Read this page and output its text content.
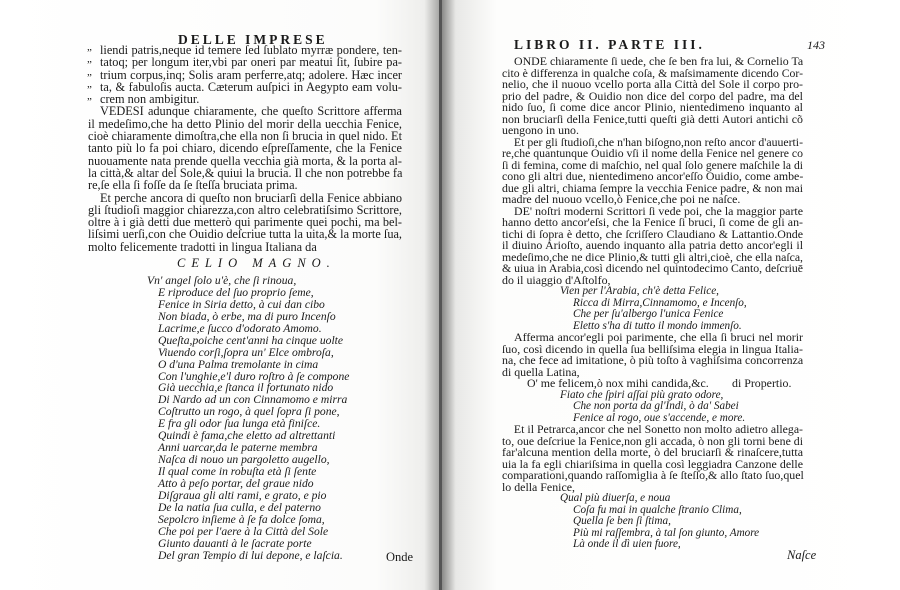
DELLE IMPRESE
„ liendi patris,neque id temere ſed ſublato myrræ pondere, ten-
„ tatoq; per longum iter,vbi par oneri par meatui ſit, ſubire pa-
„ trium corpus,inq; Solis aram perferre,atq; adolere. Hæc incer
„ ta, & fabuloſis aucta. Cæterum auſpici in Aegypto eam volu-
„ crem non ambigitur.
VEDESI adunque chiaramente, che queſto Scrittore afferma
il medeſimo,che ha detto Plinio del morir della uecchia Fenice,
cioè chiaramente dimoſtra,che ella non ſi brucia in quel nido. Et
tanto più lo fa poi chiaro, dicendo eſpreſſamente, che la Fenice
nuouamente nata prende quella vecchia già morta, & la porta al-
la città,& altar del Sole,& quiui la brucia. Il che non potrebbe fa
re,ſe ella ſi foſſe da ſe ſteſſa bruciata prima.
Et perche ancora di queſto non bruciarſi della Fenice abbiano
gli ſtudioſi maggior chiarezza,con altro celebratiſsimo Scrittore,
oltre à i già detti due metterò qui parimente quei pochi, ma bel-
liſsimi uerſi,con che Ouidio deſcriue tutta la uita,& la morte ſua,
molto felicemente tradotti in lingua Italiana da
CELIO MAGNO.
Vn' angel ſolo u'è, che ſi rinoua,
E riproduce del ſuo proprio ſeme,
Fenice in Siria detto, à cui dan cibo
Non biada, ò erbe, ma di puro Incenſo
Lacrime,e ſucco d'odorato Amomo.
Queſta,poiche cent'anni ha cinque uolte
Viuendo corſi,ſopra un' Elce ombroſa,
O d'una Palma tremolante in cima
Con l'unghie,e'l duro roſtro à ſe compone
Già uecchia,e ſtanca il fortunato nido
Di Nardo ad un con Cinnamomo e mirra
Coſtrutto un rogo, à quel ſopra ſi pone,
E fra gli odor ſua lunga età finiſce.
Quindi è fama,che eletto ad altrettanti
Anni uarcar,da le paterne membra
Naſca di nouo un pargoletto augello,
Il qual come in robuſta età ſi ſente
Atto à peſo portar, del graue nido
Diſgraua gli alti rami, e grato, e pio
De la natia ſua culla, e del paterno
Sepolcro inſieme à ſe fa dolce ſoma,
Che poi per l'aere à la Città del Sole
Giunto dauanti à le ſacrate porte
Del gran Tempio di lui depone, e laſcia.	Onde
LIBRO II. PARTE III.	143
Naſce
ONDE chiaramente ſi uede, che ſe ben fra lui, & Cornelio Ta
cito è differenza in qualche coſa, & maſsimamente dicendo Cor-
nelio, che il nuouo vcello porta alla Città del Sole il corpo pro-
prio del padre, & Ouidio non dice del corpo del padre, ma del
nido ſuo, ſi come dice ancor Plinio, nientedimeno inquanto al
non bruciarſi della Fenice,tutti queſti già detti Autori antichi cõ
uengono in uno.
Et per gli ſtudioſi,che n'han biſogno,non reſto ancor d'auuerti-
re,che quantunque Ouidio vſi il nome della Fenice nel genere co
ſi di femina, come di maſchio, nel qual ſolo genere maſchile la di
cono gli altri due, nientedimeno ancor'eſſo Ouidio, come ambe-
due gli altri, chiama ſempre la vecchia Fenice padre, & non mai
madre del nuouo vcello,ò Fenice,che poi ne naſce.
DE' noſtri moderni Scrittori ſi vede poi, che la maggior parte
hanno detto ancor'eſsi, che la Fenice ſi bruci, ſi come de gli an-
tichi di ſopra è detto, che ſcriſſero Claudiano & Lattantio.Onde
il diuino Arioſto, auendo inquanto alla patria detto ancor'egli il
medeſimo,che ne dice Plinio,& tutti gli altri,cioè, che ella naſca,
& uiua in Arabia,così dicendo nel quintodecimo Canto, deſcriuē
do il uiaggio d'Aſtolfo,
Vien per l'Arabia, ch'è detta Felice,
Ricca di Mirra,Cinnamomo, e Incenſo,
Che per ſu'albergo l'unica Fenice
Eletto s'ha di tutto il mondo immenſo.
Afferma ancor'egli poi parimente, che ella ſi bruci nel morir
ſuo, così dicendo in quella ſua belliſsima elegia in lingua Italia-
na, che fece ad imitatione, ò più toſto à vaghiſsima concorrenza
di quella Latina,
O' me felicem,ò nox mihi candida,&c.	di Propertio.
Fiato che ſpiri aſſai più grato odore,
Che non porta da gl'Indi, ò da' Sabei
Fenice al rogo, oue s'accende, e more.
Et il Petrarca,ancor che nel Sonetto non molto adietro allega-
to, oue deſcriue la Fenice,non gli accada, ò non gli torni bene di
far'alcuna mention della morte, ò del bruciarſi & rinaſcere,tutta
uia la fa egli chiariſsima in quella così leggiadra Canzone delle
comparationi,quando raſſomiglia à ſe ſteſſo,& allo ſtato ſuo,quel
lo della Fenice,
Qual più diuerſa, e noua
Coſa fu mai in qualche ſtranio Clima,
Quella ſe ben ſi ſtima,
Più mi raſſembra, à tal ſon giunto, Amore
Là onde il dì uien fuore,
